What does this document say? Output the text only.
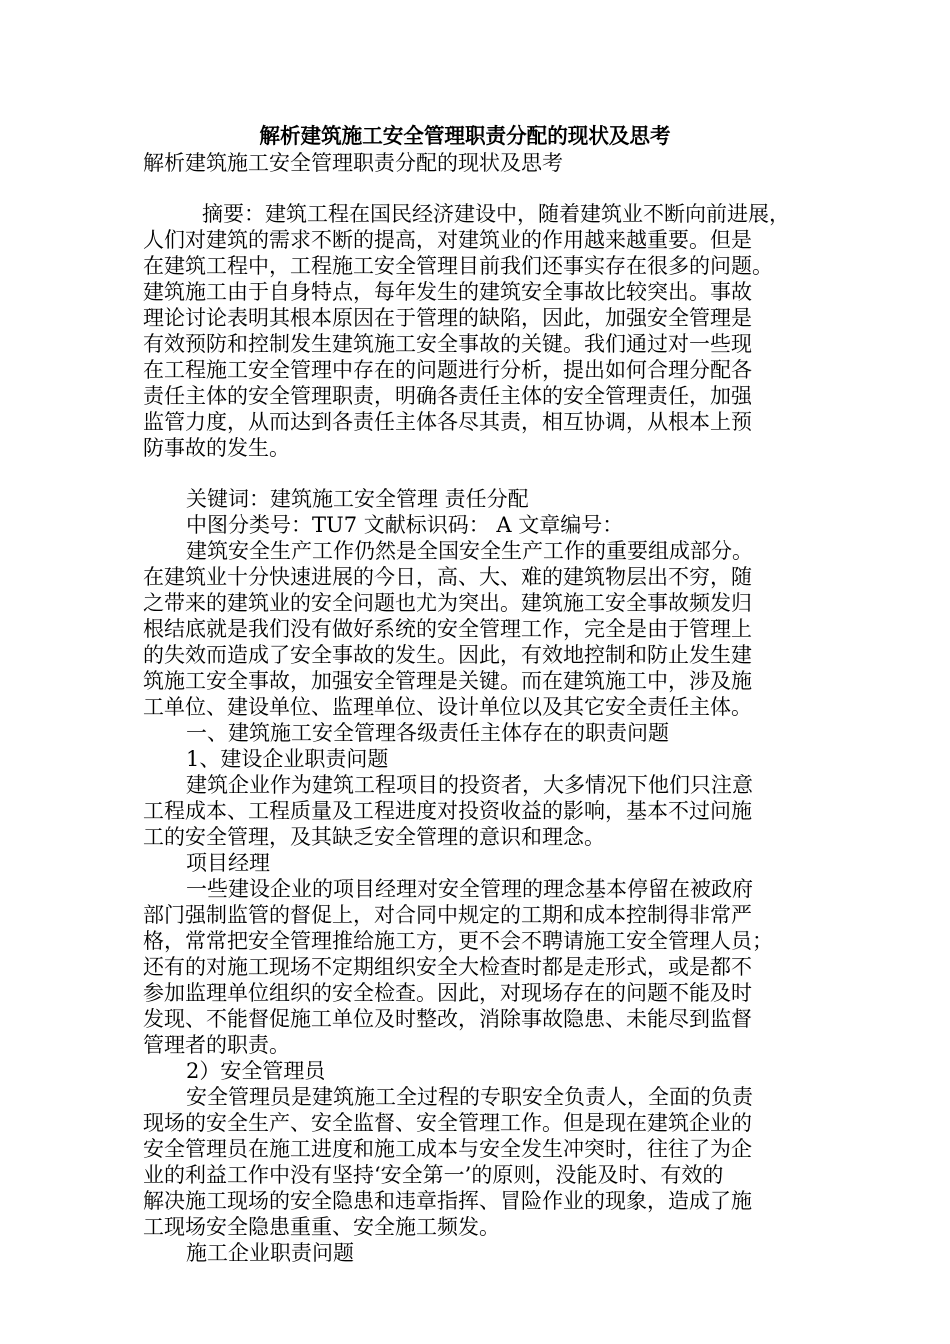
解析建筑施工安全管理职责分配的现状及思考
解析建筑施工安全管理职责分配的现状及思考
摘要：建筑工程在国民经济建设中，随着建筑业不断向前进展，
人们对建筑的需求不断的提高，对建筑业的作用越来越重要。但是
在建筑工程中，工程施工安全管理目前我们还事实存在很多的问题。
建筑施工由于自身特点，每年发生的建筑安全事故比较突出。事故
理论讨论表明其根本原因在于管理的缺陷，因此，加强安全管理是
有效预防和控制发生建筑施工安全事故的关键。我们通过对一些现
在工程施工安全管理中存在的问题进行分析，提出如何合理分配各
责任主体的安全管理职责，明确各责任主体的安全管理责任，加强
监管力度，从而达到各责任主体各尽其责，相互协调，从根本上预
防事故的发生。
关键词：建筑施工安全管理 责任分配
中图分类号：TU7 文献标识码： A 文章编号：
建筑安全生产工作仍然是全国安全生产工作的重要组成部分。
在建筑业十分快速进展的今日，高、大、难的建筑物层出不穷，随
之带来的建筑业的安全问题也尤为突出。建筑施工安全事故频发归
根结底就是我们没有做好系统的安全管理工作，完全是由于管理上
的失效而造成了安全事故的发生。因此，有效地控制和防止发生建
筑施工安全事故，加强安全管理是关键。而在建筑施工中，涉及施
工单位、建设单位、监理单位、设计单位以及其它安全责任主体。
一、建筑施工安全管理各级责任主体存在的职责问题
1、建设企业职责问题
建筑企业作为建筑工程项目的投资者，大多情况下他们只注意
工程成本、工程质量及工程进度对投资收益的影响，基本不过问施
工的安全管理，及其缺乏安全管理的意识和理念。
项目经理
一些建设企业的项目经理对安全管理的理念基本停留在被政府
部门强制监管的督促上，对合同中规定的工期和成本控制得非常严
格，常常把安全管理推给施工方，更不会不聘请施工安全管理人员；
还有的对施工现场不定期组织安全大检查时都是走形式，或是都不
参加监理单位组织的安全检查。因此，对现场存在的问题不能及时
发现、不能督促施工单位及时整改，消除事故隐患、未能尽到监督
管理者的职责。
2）安全管理员
安全管理员是建筑施工全过程的专职安全负责人，全面的负责
现场的安全生产、安全监督、安全管理工作。但是现在建筑企业的
安全管理员在施工进度和施工成本与安全发生冲突时，往往了为企
业的利益工作中没有坚持‘安全第一’的原则，没能及时、有效的
解决施工现场的安全隐患和违章指挥、冒险作业的现象，造成了施
工现场安全隐患重重、安全施工频发。
施工企业职责问题
